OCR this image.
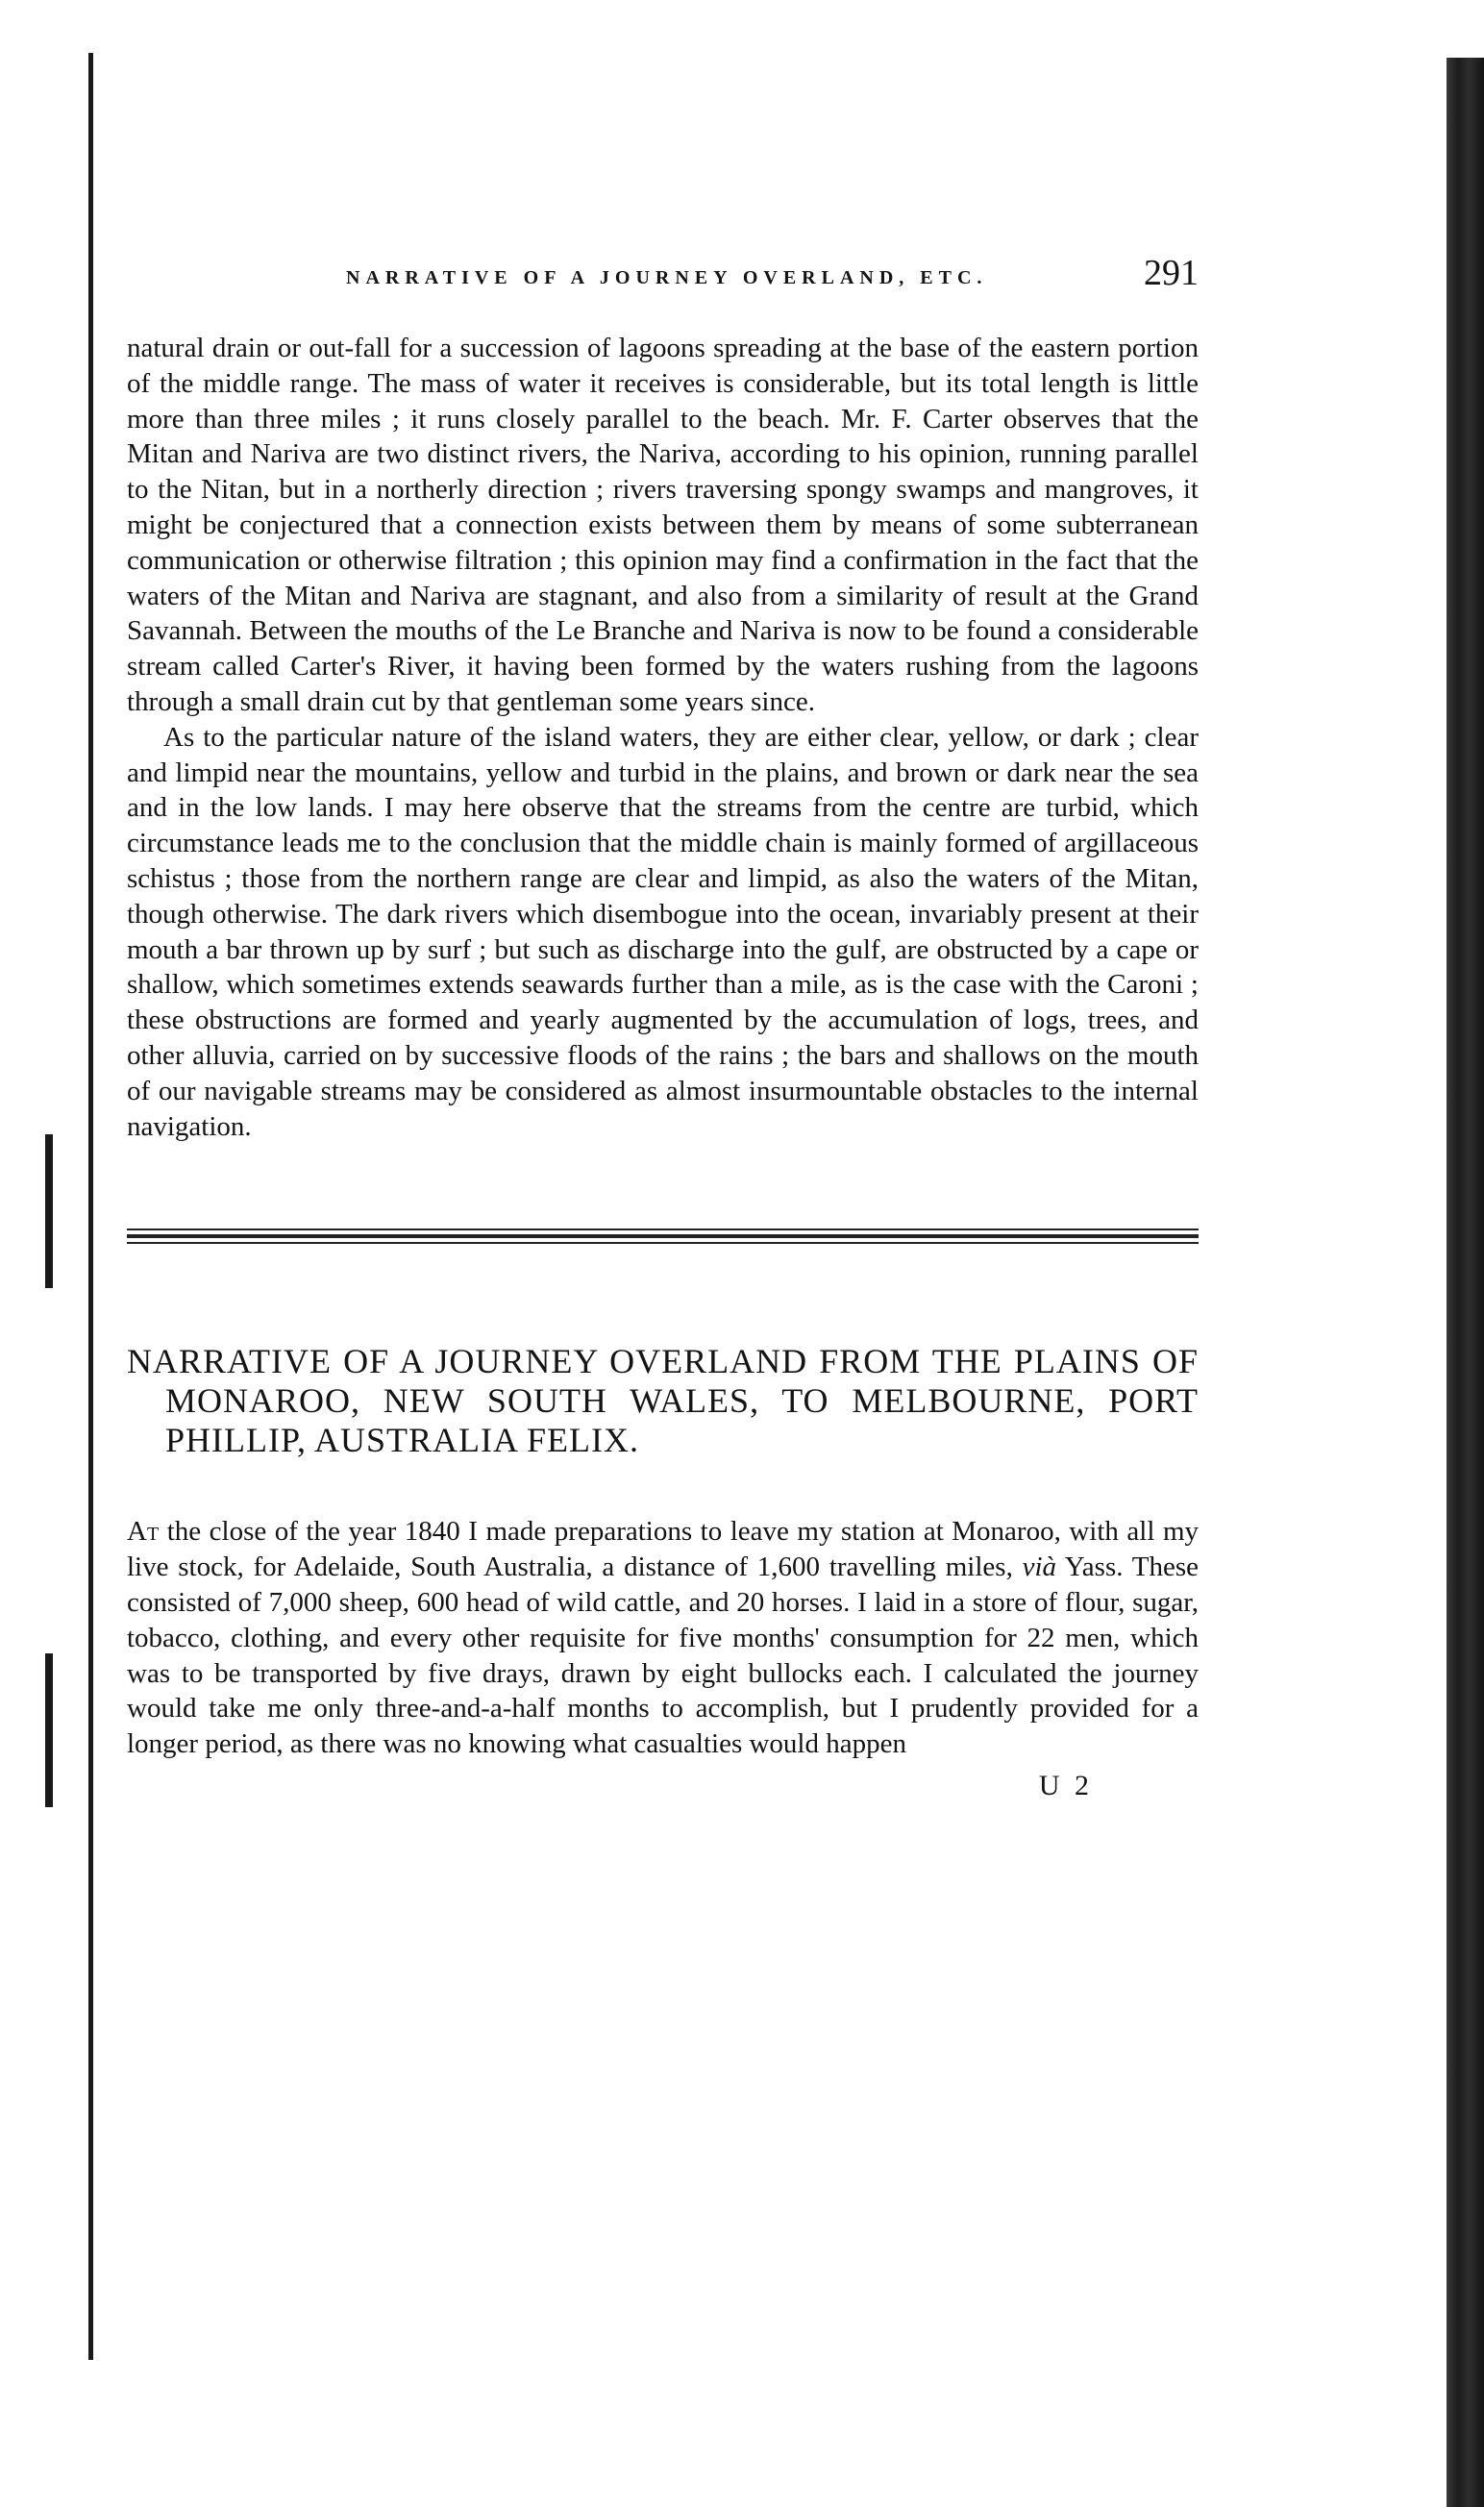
NARRATIVE OF A JOURNEY OVERLAND, ETC.	291

natural drain or out-fall for a succession of lagoons spreading at the base of the eastern portion of the middle range. The mass of water it receives is considerable, but its total length is little more than three miles ; it runs closely parallel to the beach. Mr. F. Carter observes that the Mitan and Nariva are two distinct rivers, the Nariva, according to his opinion, running parallel to the Nitan, but in a northerly direction ; rivers traversing spongy swamps and mangroves, it might be conjectured that a connection exists between them by means of some subterranean communication or otherwise filtration ; this opinion may find a confirmation in the fact that the waters of the Mitan and Nariva are stagnant, and also from a similarity of result at the Grand Savannah. Between the mouths of the Le Branche and Nariva is now to be found a considerable stream called Carter's River, it having been formed by the waters rushing from the lagoons through a small drain cut by that gentleman some years since.

As to the particular nature of the island waters, they are either clear, yellow, or dark ; clear and limpid near the mountains, yellow and turbid in the plains, and brown or dark near the sea and in the low lands. I may here observe that the streams from the centre are turbid, which circumstance leads me to the conclusion that the middle chain is mainly formed of argillaceous schistus ; those from the northern range are clear and limpid, as also the waters of the Mitan, though otherwise. The dark rivers which disembogue into the ocean, invariably present at their mouth a bar thrown up by surf ; but such as discharge into the gulf, are obstructed by a cape or shallow, which sometimes extends seawards further than a mile, as is the case with the Caroni ; these obstructions are formed and yearly augmented by the accumulation of logs, trees, and other alluvia, carried on by successive floods of the rains ; the bars and shallows on the mouth of our navigable streams may be considered as almost insurmountable obstacles to the internal navigation.

NARRATIVE OF A JOURNEY OVERLAND FROM THE PLAINS OF MONAROO, NEW SOUTH WALES, TO MELBOURNE, PORT PHILLIP, AUSTRALIA FELIX.

At the close of the year 1840 I made preparations to leave my station at Monaroo, with all my live stock, for Adelaide, South Australia, a distance of 1,600 travelling miles, vià Yass. These consisted of 7,000 sheep, 600 head of wild cattle, and 20 horses. I laid in a store of flour, sugar, tobacco, clothing, and every other requisite for five months' consumption for 22 men, which was to be transported by five drays, drawn by eight bullocks each. I calculated the journey would take me only three-and-a-half months to accomplish, but I prudently provided for a longer period, as there was no knowing what casualties would happen

U 2
